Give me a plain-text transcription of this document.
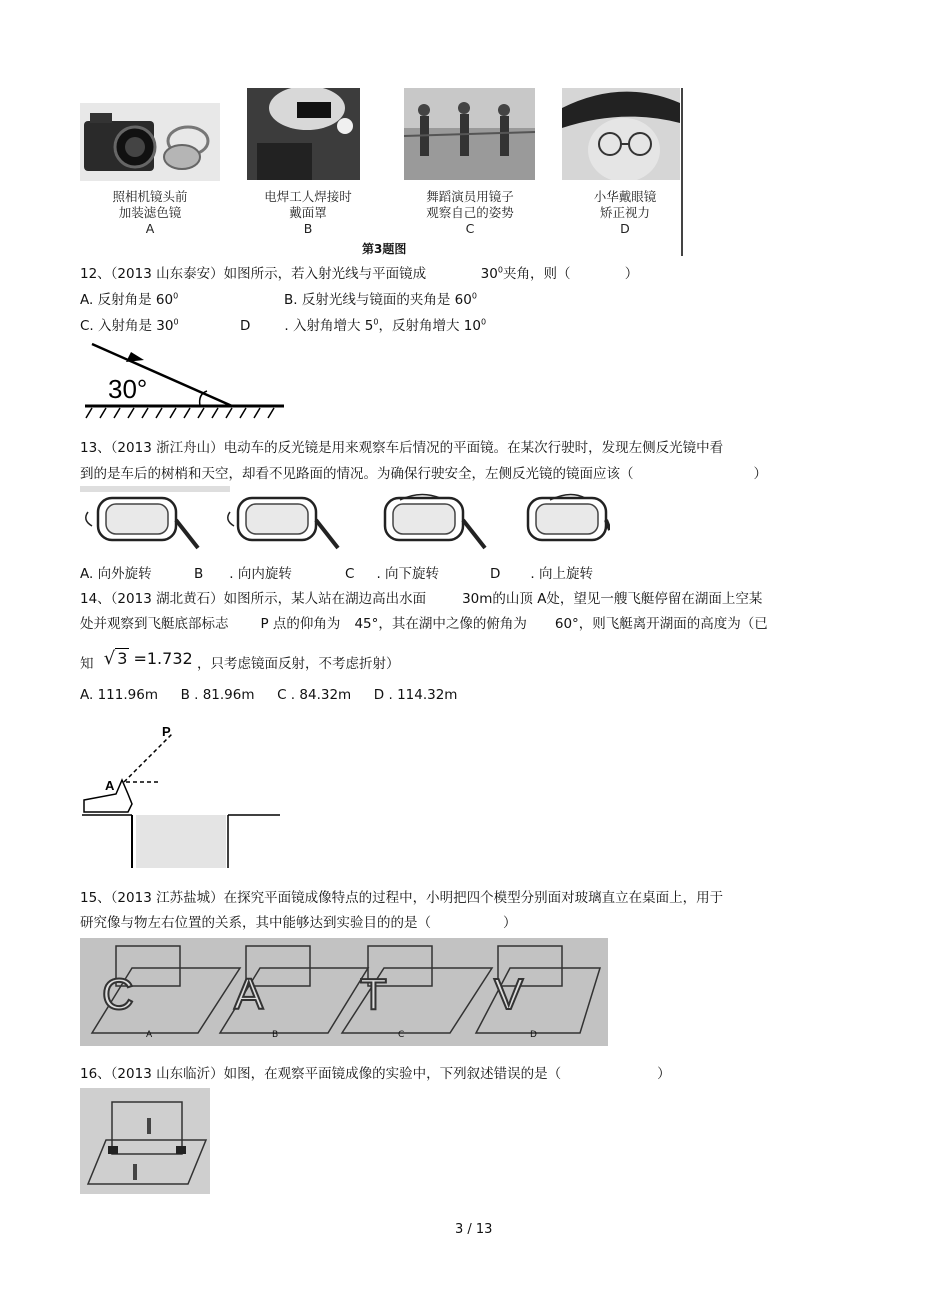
照相机镜头前
加装滤色镜
A
电焊工人焊接时
戴面罩
B
舞蹈演员用镜子
观察自己的姿势
C
小华戴眼镜
矫正视力
D
第3题图
12、（2013 山东泰安）如图所示，若入射光线与平面镜成	$30^0$夹角，则（	）
A. 反射角是 $60^0$	B. 反射光线与镜面的夹角是 $60^0$
C. 入射角是 $30^0$	D	. 入射角增大 $5^0$，反射角增大 $10^0$
30°
13、（2013 浙江舟山）电动车的反光镜是用来观察车后情况的平面镜。在某次行驶时，发现左侧反光镜中看
到的是车后的树梢和天空，却看不见路面的情况。为确保行驶安全，左侧反光镜的镜面应该（	）
A. 向外旋转	B . 向内旋转	C . 向下旋转	D . 向上旋转
14、（2013 湖北黄石）如图所示，某人站在湖边高出水面	30m的山顶 A处，望见一艘飞艇停留在湖面上空某
处并观察到飞艇底部标志 P 点的仰角为 45°，其在湖中之像的俯角为 60°，则飞艇离开湖面的高度为（已
知 √ 3 =1.732 ，只考虑镜面反射，不考虑折射）
A. 111.96m B . 81.96m C . 84.32m D . 114.32m
P
A
15、（2013 江苏盐城）在探究平面镜成像特点的过程中，小明把四个模型分别面对玻璃直立在桌面上，用于
研究像与物左右位置的关系，其中能够达到实验目的的是（	）
C A T V
A	B	C	D
16、（2013 山东临沂）如图，在观察平面镜成像的实验中，下列叙述错误的是（	）
3 / 13
